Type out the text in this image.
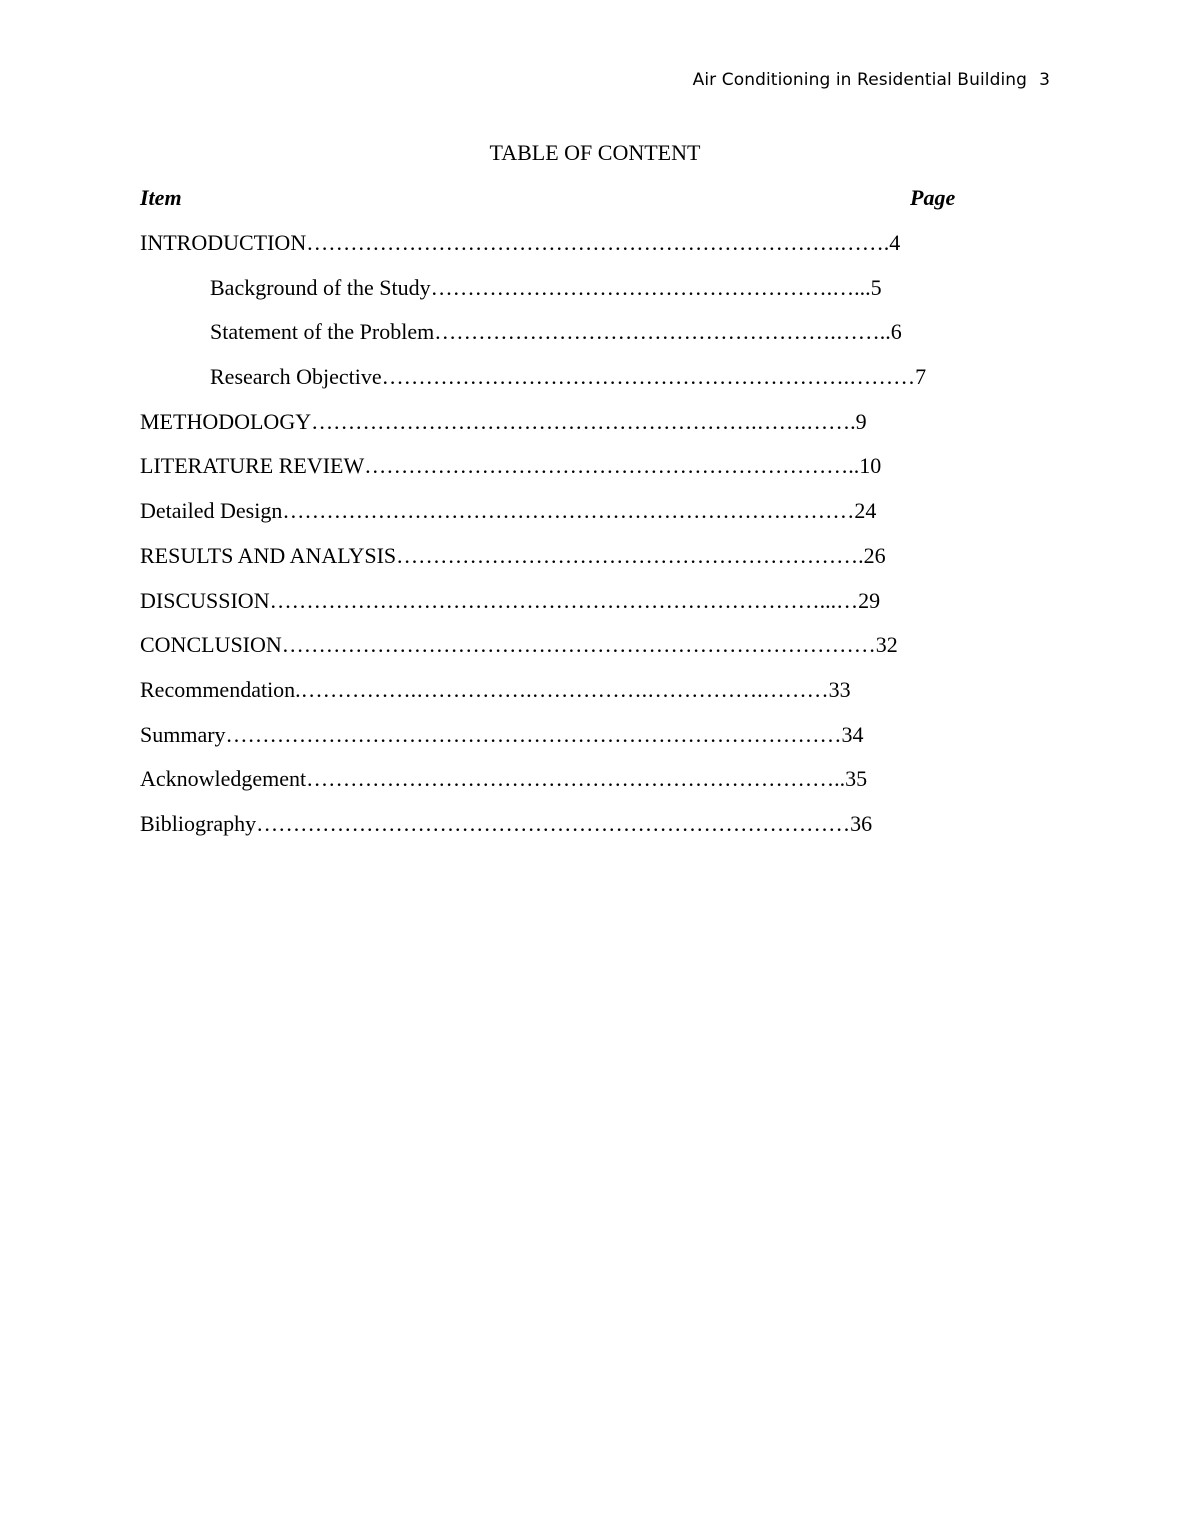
Air Conditioning in Residential Building 3
TABLE OF CONTENT
Item	Page
INTRODUCTION……………………………………………………………….…….4
Background of the Study……………………………………………….…...5
Statement of the Problem……………………………………………….……..6
Research Objective……………………………………………………….………7
METHODOLOGY…………………………………………………….…….…….9
LITERATURE REVIEW…………………………………………………………..10
Detailed Design……………………………………………………………………24
RESULTS AND ANALYSIS……………………………………………………….26
DISCUSSION…………………………………………………………………...…29
CONCLUSION………………………………………………………………………32
Recommendation.…………….…………….…………….…………….………33
Summary…………………………………………………………………………34
Acknowledgement………………………………………………………………..35
Bibliography………………………………………………………………………36
